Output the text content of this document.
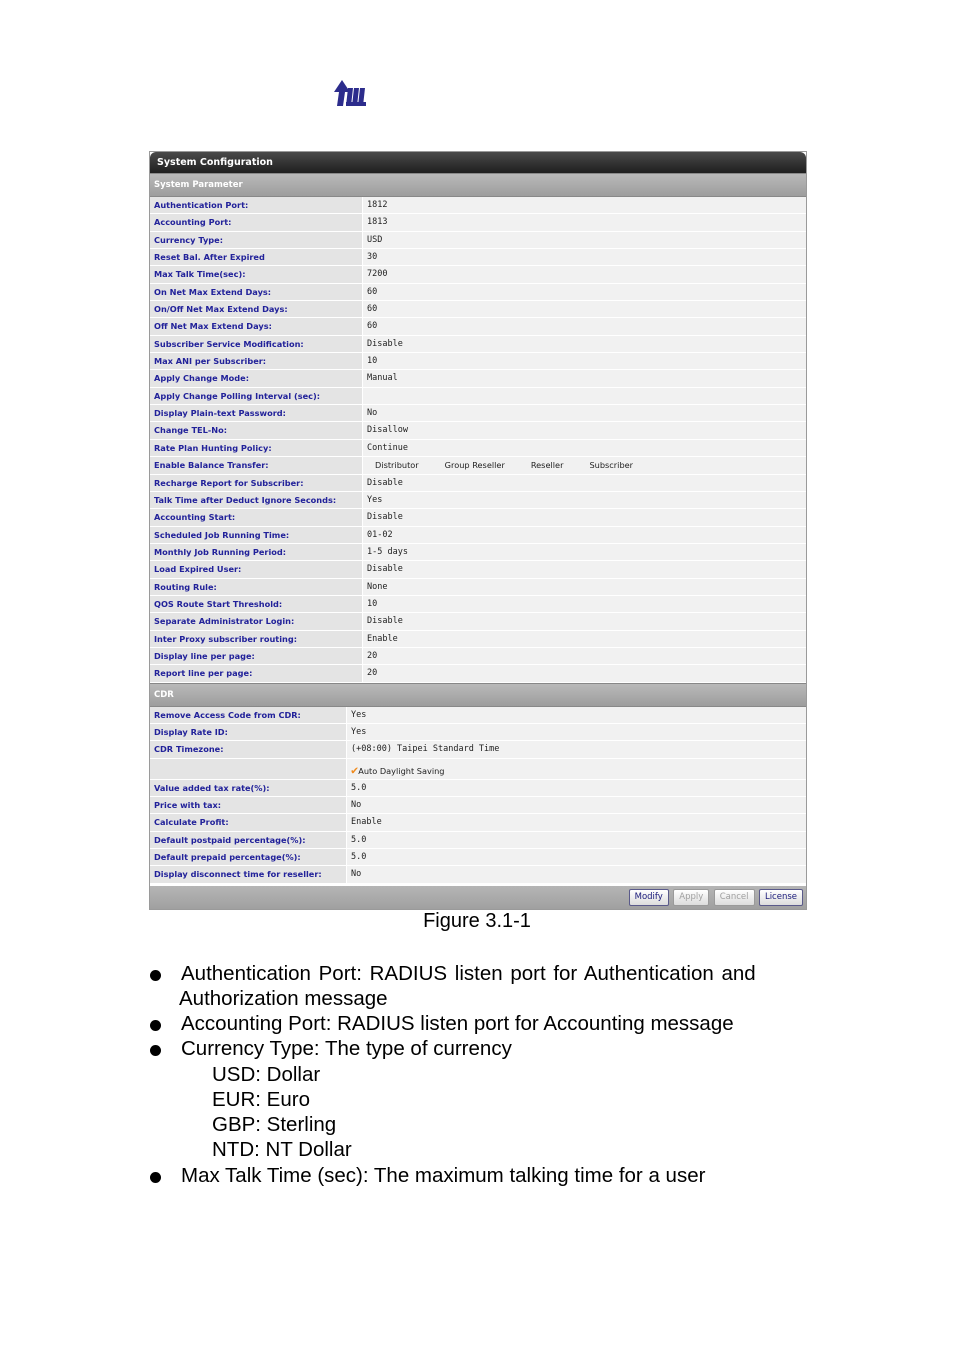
System Configuration
System Parameter
Authentication Port:	1812
Accounting Port:	1813
Currency Type:	USD
Reset Bal. After Expired	30
Max Talk Time(sec):	7200
On Net Max Extend Days:	60
On/Off Net Max Extend Days:	60
Off Net Max Extend Days:	60
Subscriber Service Modification:	Disable
Max ANI per Subscriber:	10
Apply Change Mode:	Manual
Apply Change Polling Interval (sec):
Display Plain-text Password:	No
Change TEL-No:	Disallow
Rate Plan Hunting Policy:	Continue
Enable Balance Transfer:	Distributor	Group Reseller	Reseller	Subscriber
Recharge Report for Subscriber:	Disable
Talk Time after Deduct Ignore Seconds:	Yes
Accounting Start:	Disable
Scheduled Job Running Time:	01-02
Monthly Job Running Period:	1-5 days
Load Expired User:	Disable
Routing Rule:	None
QOS Route Start Threshold:	10
Separate Administrator Login:	Disable
Inter Proxy subscriber routing:	Enable
Display line per page:	20
Report line per page:	20
CDR
Remove Access Code from CDR:	Yes
Display Rate ID:	Yes
CDR Timezone:	(+08:00) Taipei Standard Time
✔Auto Daylight Saving
Value added tax rate(%):	5.0
Price with tax:	No
Calculate Profit:	Enable
Default postpaid percentage(%):	5.0
Default prepaid percentage(%):	5.0
Display disconnect time for reseller:	No
Modify Apply Cancel License
Figure 3.1-1
Authentication Port: RADIUS listen port for Authentication and
Authorization message
Accounting Port: RADIUS listen port for Accounting message
Currency Type: The type of currency
USD: Dollar
EUR: Euro
GBP: Sterling
NTD: NT Dollar
Max Talk Time (sec): The maximum talking time for a user
